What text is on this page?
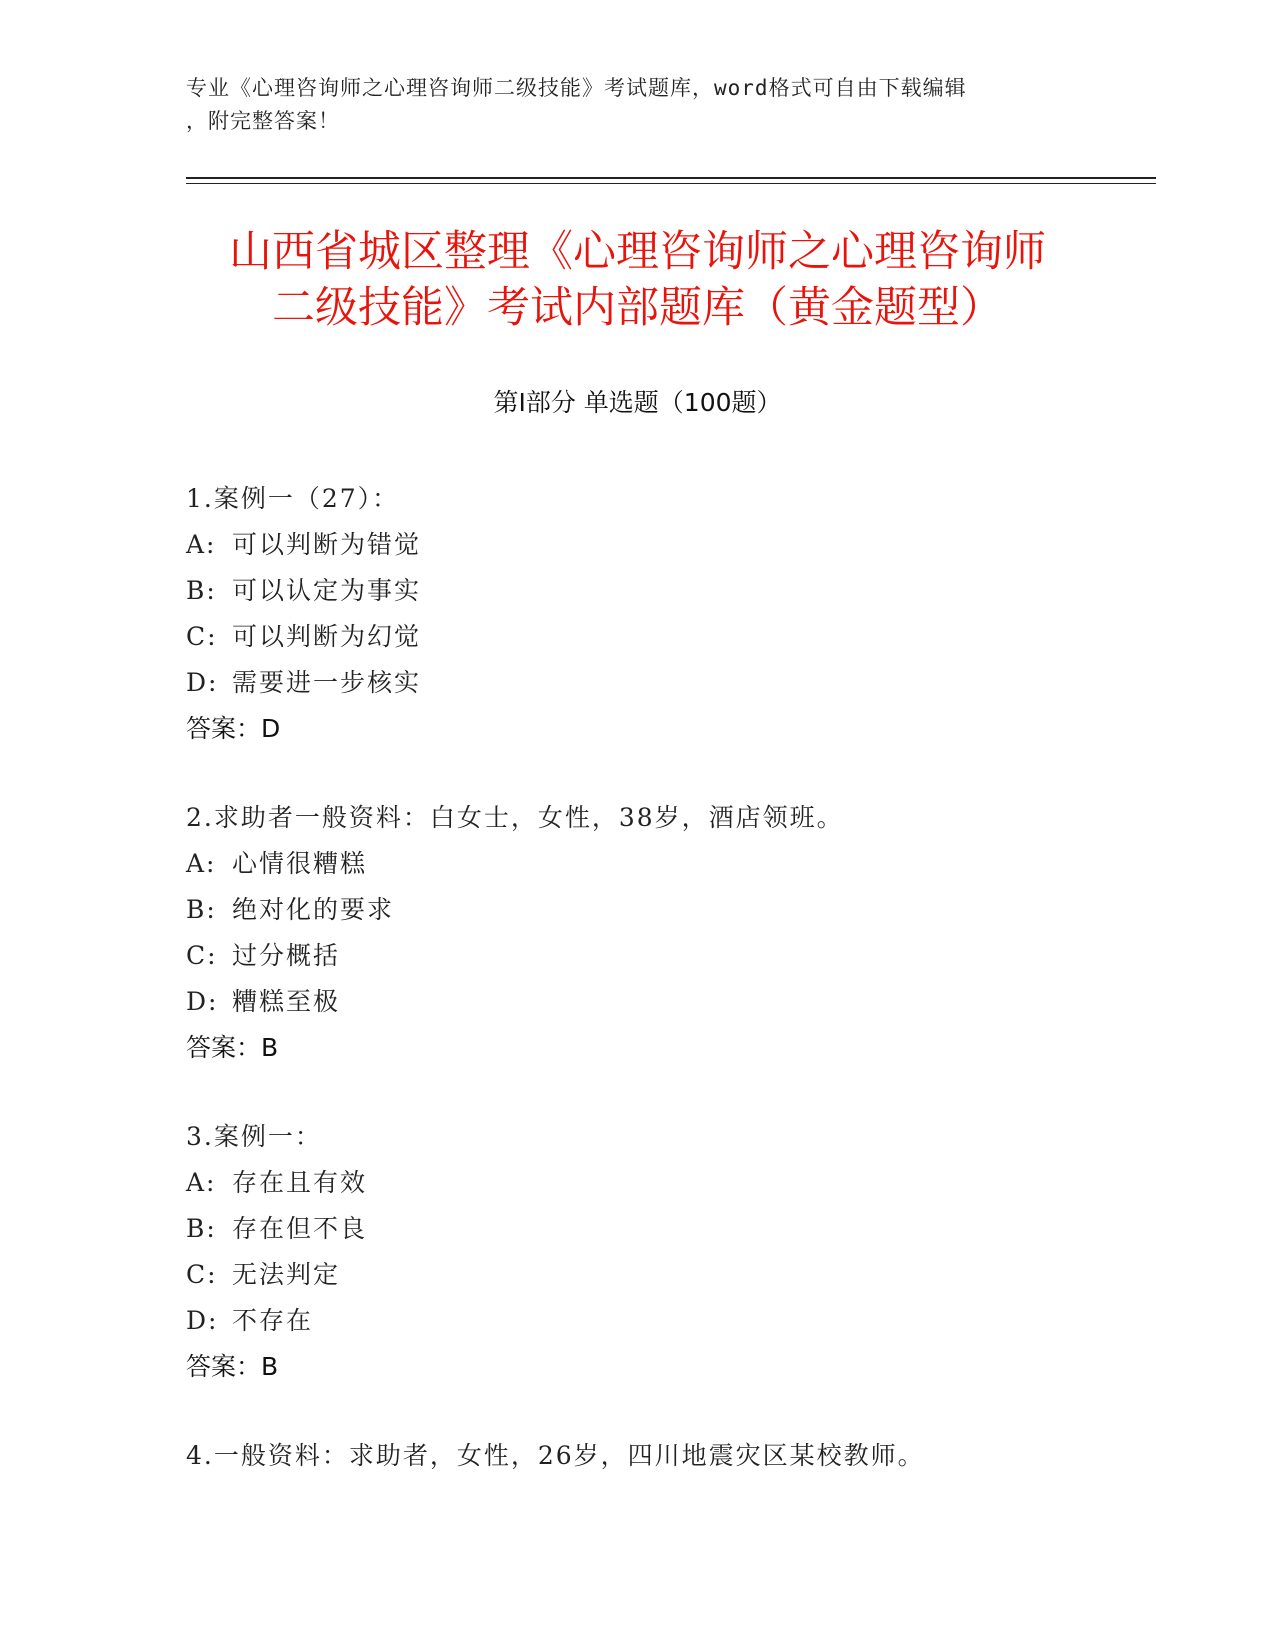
专业《心理咨询师之心理咨询师二级技能》考试题库，word格式可自由下载编辑
，附完整答案！
山西省城区整理《心理咨询师之心理咨询师
二级技能》考试内部题库（黄金题型）
第Ⅰ部分 单选题（100题）
1.案例一（27）：
A: 可以判断为错觉
B: 可以认定为事实
C: 可以判断为幻觉
D: 需要进一步核实
答案：D
2.求助者一般资料：白女士，女性，38岁，酒店领班。
A: 心情很糟糕
B: 绝对化的要求
C: 过分概括
D: 糟糕至极
答案：B
3.案例一：
A: 存在且有效
B: 存在但不良
C: 无法判定
D: 不存在
答案：B
4.一般资料：求助者，女性，26岁，四川地震灾区某校教师。
